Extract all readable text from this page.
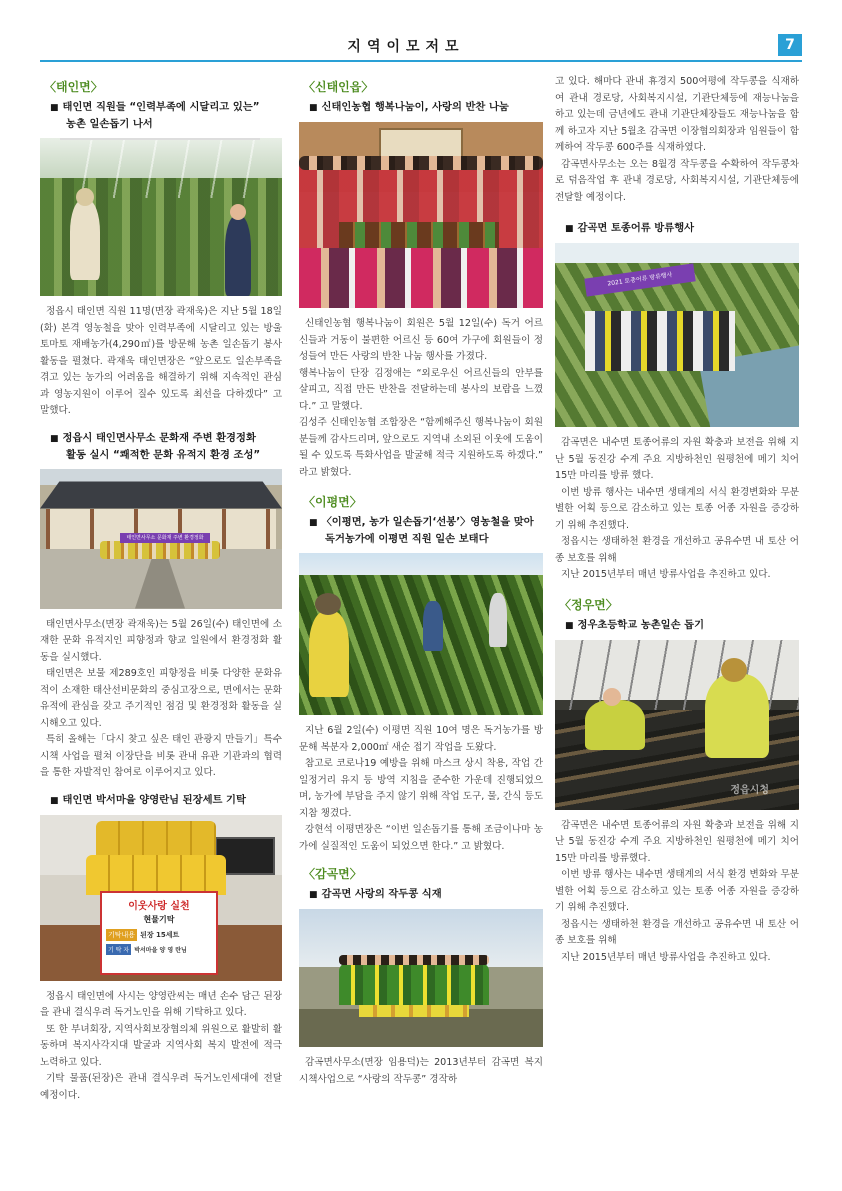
지역이모저모	7
〈태인면〉
■ 태인면 직원들 “인력부족에 시달리고 있는”
농촌 일손돕기 나서

정읍시 태인면 직원 11명(면장 곽재욱)은 지난 5월 18일(화) 본격 영농철을 맞아 인력부족에 시달리고 있는 방울 토마토 재배농가(4,290㎡)를 방문해 농촌 일손돕기 봉사활동을 펼쳤다. 곽재욱 태인면장은 “앞으로도 일손부족을 겪고 있는 농가의 어려움을 해결하기 위해 지속적인 관심과 영농지원이 이루어 질수 있도록 최선을 다하겠다” 고 말했다.

■ 정읍시 태인면사무소 문화재 주변 환경정화
활동 실시 “쾌적한 문화 유적지 환경 조성”
태인면사무소 문화재 주변 환경정화

태인면사무소(면장 곽재욱)는 5월 26일(수) 태인면에 소재한 문화 유적지인 피향정과 향교 일원에서 환경정화 활동을 실시했다.

태인면은 보물 제289호인 피향정을 비롯 다양한 문화유적이 소재한 태산선비문화의 중심고장으로, 면에서는 문화 유적에 관심을 갖고 주기적인 점검 및 환경정화 활동을 실시해오고 있다.

특히 올해는「다시 찾고 싶은 태인 관광지 만들기」특수시책 사업을 펼쳐 이장단을 비롯 관내 유관 기관과의 협력을 통한 자발적인 참여로 이루어지고 있다.

■ 태인면 박서마을 양영란님 된장세트 기탁
이웃사랑 실천
현물기탁
기탁내용 된장 15세트
기 탁 자 박서마을 양 영 란님

정읍시 태인면에 사시는 양영란씨는 매년 손수 담근 된장을 관내 결식우려 독거노인을 위해 기탁하고 있다.

또 한 부녀회장, 지역사회보장협의체 위원으로 활발히 활동하며 복지사각지대 발굴과 지역사회 복지 발전에 적극 노력하고 있다.

기탁 물품(된장)은 관내 결식우려 독거노인세대에 전달 예정이다.

〈신태인읍〉
■ 신태인농협 행복나눔이, 사랑의 반찬 나눔

신태인농협 행복나눔이 회원은 5월 12일(수) 독거 어르신들과 거동이 불편한 어르신 등 60여 가구에 회원들이 정성들여 만든 사랑의 반찬 나눔 행사를 가졌다.

행복나눔이 단장 김정애는 “외로우신 어르신들의 안부를 살피고, 직접 만든 반찬을 전달하는데 봉사의 보람을 느꼈다.” 고 말했다.

김성주 신태인농협 조합장은 “함께해주신 행복나눔이 회원분들께 감사드리며, 앞으로도 지역내 소외된 이웃에 도움이 될 수 있도록 특화사업을 발굴해 적극 지원하도록 하겠다.” 라고 밝혔다.

〈이평면〉
■ 〈이평면, 농가 일손돕기‘선봉’〉영농철을 맞아
독거농가에 이평면 직원 일손 보태다

지난 6월 2일(수) 이평면 직원 10여 명은 독거농가를 방문해 복분자 2,000㎡ 새순 접기 작업을 도왔다.

참고로 코로나19 예방을 위해 마스크 상시 착용, 작업 간 일정거리 유지 등 방역 지침을 준수한 가운데 진행되었으며, 농가에 부담을 주지 않기 위해 작업 도구, 물, 간식 등도 지참 챙겼다.

강현석 이평면장은 “이번 일손돕기를 통해 조금이나마 농가에 실질적인 도움이 되었으면 한다.” 고 밝혔다.

〈감곡면〉
■ 감곡면 사랑의 작두콩 식재

감곡면사무소(면장 임용덕)는 2013년부터 감곡면 복지시책사업으로 “사랑의 작두콩” 경작하

고 있다. 해마다 관내 휴경지 500여평에 작두콩을 식재하여 관내 경로당, 사회복지시설, 기관단체등에 재능나눔을 하고 있는데 금년에도 관내 기관단체장들도 재능나눔을 함께 하고자 지난 5월초 감곡면 이장협의회장과 임원들이 함께하여 작두콩 600주를 식재하였다.

감곡면사무소는 오는 8월경 작두콩을 수확하여 작두콩차로 덖음작업 후 관내 경로당, 사회복지시설, 기관단체등에 전달할 예정이다.

■ 감곡면 토종어류 방류행사
2021 토종어류 방류행사

감곡면은 내수면 토종어류의 자원 확충과 보전을 위해 지난 5월 동진강 수계 주요 지방하천인 원평천에 메기 치어 15만 마리를 방류 했다.

이번 방류 행사는 내수면 생태계의 서식 환경변화와 무분별한 어획 등으로 감소하고 있는 토종 어종 자원을 증강하기 위해 추진했다.

정읍시는 생태하천 환경을 개선하고 공유수면 내 토산 어종 보호를 위해

지난 2015년부터 매년 방류사업을 추진하고 있다.

〈정우면〉
■ 정우초등학교 농촌일손 돕기
정읍시청

감곡면은 내수면 토종어류의 자원 확충과 보전을 위해 지난 5월 동진강 수계 주요 지방하천인 원평천에 메기 치어 15만 마리를 방류했다.

이번 방류 행사는 내수면 생태계의 서식 환경 변화와 무분별한 어획 등으로 감소하고 있는 토종 어종 자원을 증강하기 위해 추진했다.

정읍시는 생태하천 환경을 개선하고 공유수면 내 토산 어종 보호를 위해

지난 2015년부터 매년 방류사업을 추진하고 있다.
